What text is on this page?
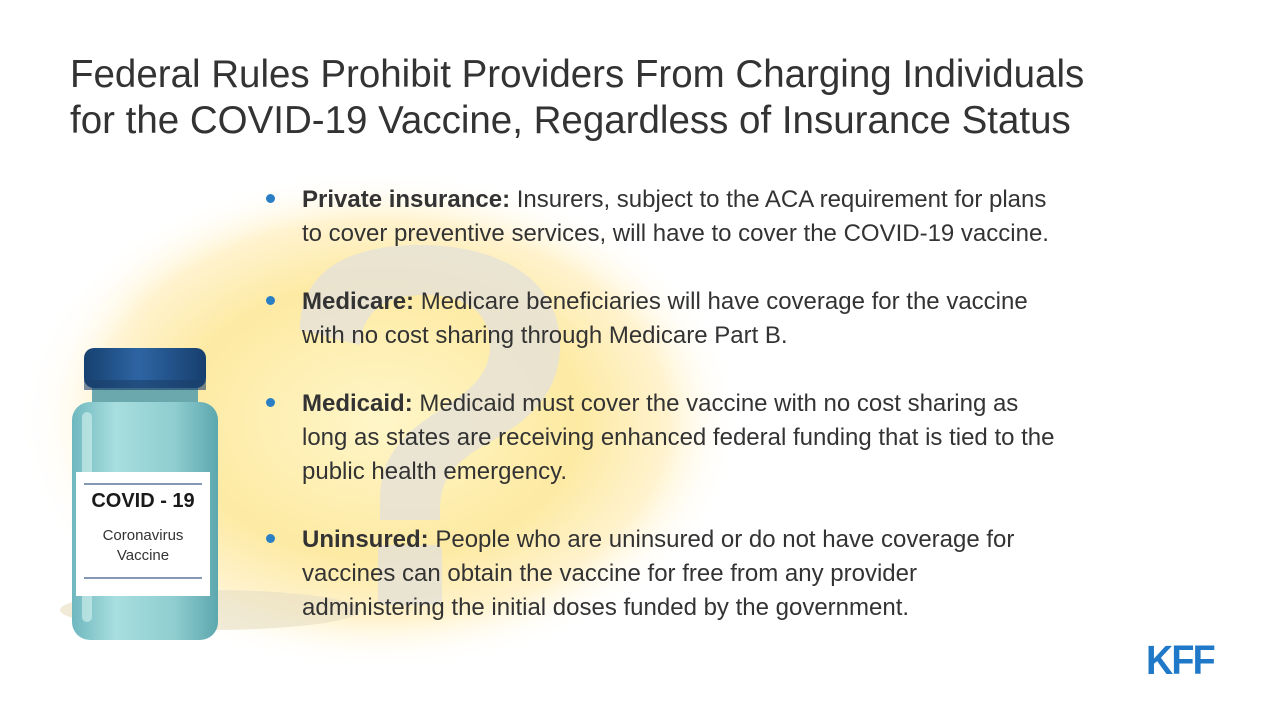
COVID - 19
Coronavirus
Vaccine
Federal Rules Prohibit Providers From Charging Individuals
for the COVID-19 Vaccine, Regardless of Insurance Status
Private insurance: Insurers, subject to the ACA requirement for plans
to cover preventive services, will have to cover the COVID-19 vaccine.
Medicare: Medicare beneficiaries will have coverage for the vaccine
with no cost sharing through Medicare Part B.
Medicaid: Medicaid must cover the vaccine with no cost sharing as
long as states are receiving enhanced federal funding that is tied to the
public health emergency.
Uninsured: People who are uninsured or do not have coverage for
vaccines can obtain the vaccine for free from any provider
administering the initial doses funded by the government.
KFF
